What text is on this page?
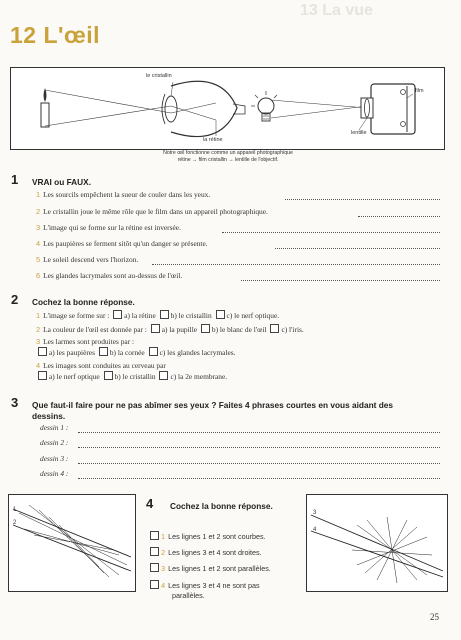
13 La vue
12 L'œil
le cristallin
la rétine
film
lentille
Notre œil fonctionne comme un appareil photographique
rétine → film cristallin → lentille de l'objectif.
1 VRAI ou FAUX.
1 Les sourcils empêchent la sueur de couler dans les yeux.
2 Le cristallin joue le même rôle que le film dans un appareil photographique.
3 L'image qui se forme sur la rétine est inversée.
4 Les paupières se ferment sitôt qu'un danger se présente.
5 Le soleil descend vers l'horizon.
6 Les glandes lacrymales sont au-dessus de l'œil.
2 Cochez la bonne réponse.
1 L'image se forme sur : a) la rétine b) le cristallin c) le nerf optique.
2 La couleur de l'œil est donnée par : a) la pupille b) le blanc de l'œil c) l'iris.
3 Les larmes sont produites par :
a) les paupières b) la cornée c) les glandes lacrymales.
4 Les images sont conduites au cerveau par
a) le nerf optique b) le cristallin c) la 2e membrane.
3 Que faut-il faire pour ne pas abîmer ses yeux ? Faites 4 phrases courtes en vous aidant des
dessins.
dessin 1 :
dessin 2 :
dessin 3 :
dessin 4 :
1
2
4 Cochez la bonne réponse.
1 Les lignes 1 et 2 sont courbes.
2 Les lignes 3 et 4 sont droites.
3 Les lignes 1 et 2 sont parallèles.
4 Les lignes 3 et 4 ne sont pas
parallèles.
3
4
25
